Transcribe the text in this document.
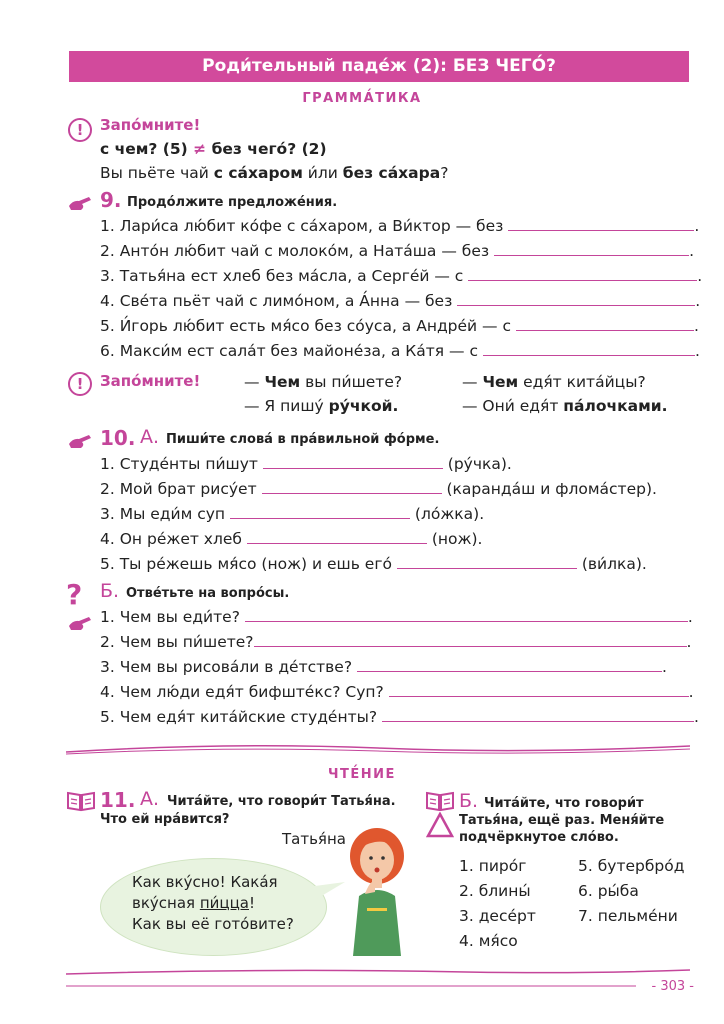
Роди́тельный паде́ж (2): БЕЗ ЧЕГО́?
ГРАММА́ТИКА
!	Запо́мните!
с чем? (5) ≠ без чего́? (2)
Вы пьёте чай с са́харом и́ли без са́хара?
9. Продо́лжите предложе́ния.
1. Лари́са лю́бит ко́фе с са́харом, а Ви́ктор — без	.
2. Анто́н лю́бит чай с молоко́м, а Ната́ша — без	.
3. Татья́на ест хлеб без ма́сла, а Серге́й — с	.
4. Све́та пьёт чай с лимо́ном, а А́нна — без	.
5. И́горь лю́бит есть мя́со без со́уса, а Андре́й — с	.
6. Макси́м ест сала́т без майоне́за, а Ка́тя — с	.
!	Запо́мните!	— Чем вы пи́шете?
— Я пишу́ ру́чкой.
— Чем едя́т кита́йцы?
— Они́ едя́т па́лочками.
10. А. Пиши́те слова́ в пра́вильной фо́рме.
1. Студе́нты пи́шут	(ру́чка).
2. Мой брат рису́ет	(каранда́ш и флома́стер).
3. Мы еди́м суп	(ло́жка).
4. Он ре́жет хлеб	(нож).
5. Ты ре́жешь мя́со (нож) и ешь его́	(ви́лка).
? Б. Отве́тьте на вопро́сы.
1. Чем вы еди́те?	.
2. Чем вы пи́шете?	.
3. Чем вы рисова́ли в де́тстве?	.
4. Чем лю́ди едя́т бифште́кс? Суп?	.
5. Чем едя́т кита́йские студе́нты?	.
ЧТЕ́НИЕ
11. А. Чита́йте, что говори́т Татья́на.
Что ей нра́вится?
Татья́на
Как вку́сно! Кака́я
вку́сная пи́цца!
Как вы её гото́вите?
Б. Чита́йте, что говори́т
Татья́на, ещё раз. Меня́йте
подчёркнутое сло́во.
1. пиро́г
2. блины́
3. десе́рт
4. мя́со
5. бутербро́д
6. ры́ба
7. пельме́ни
- 303 -
